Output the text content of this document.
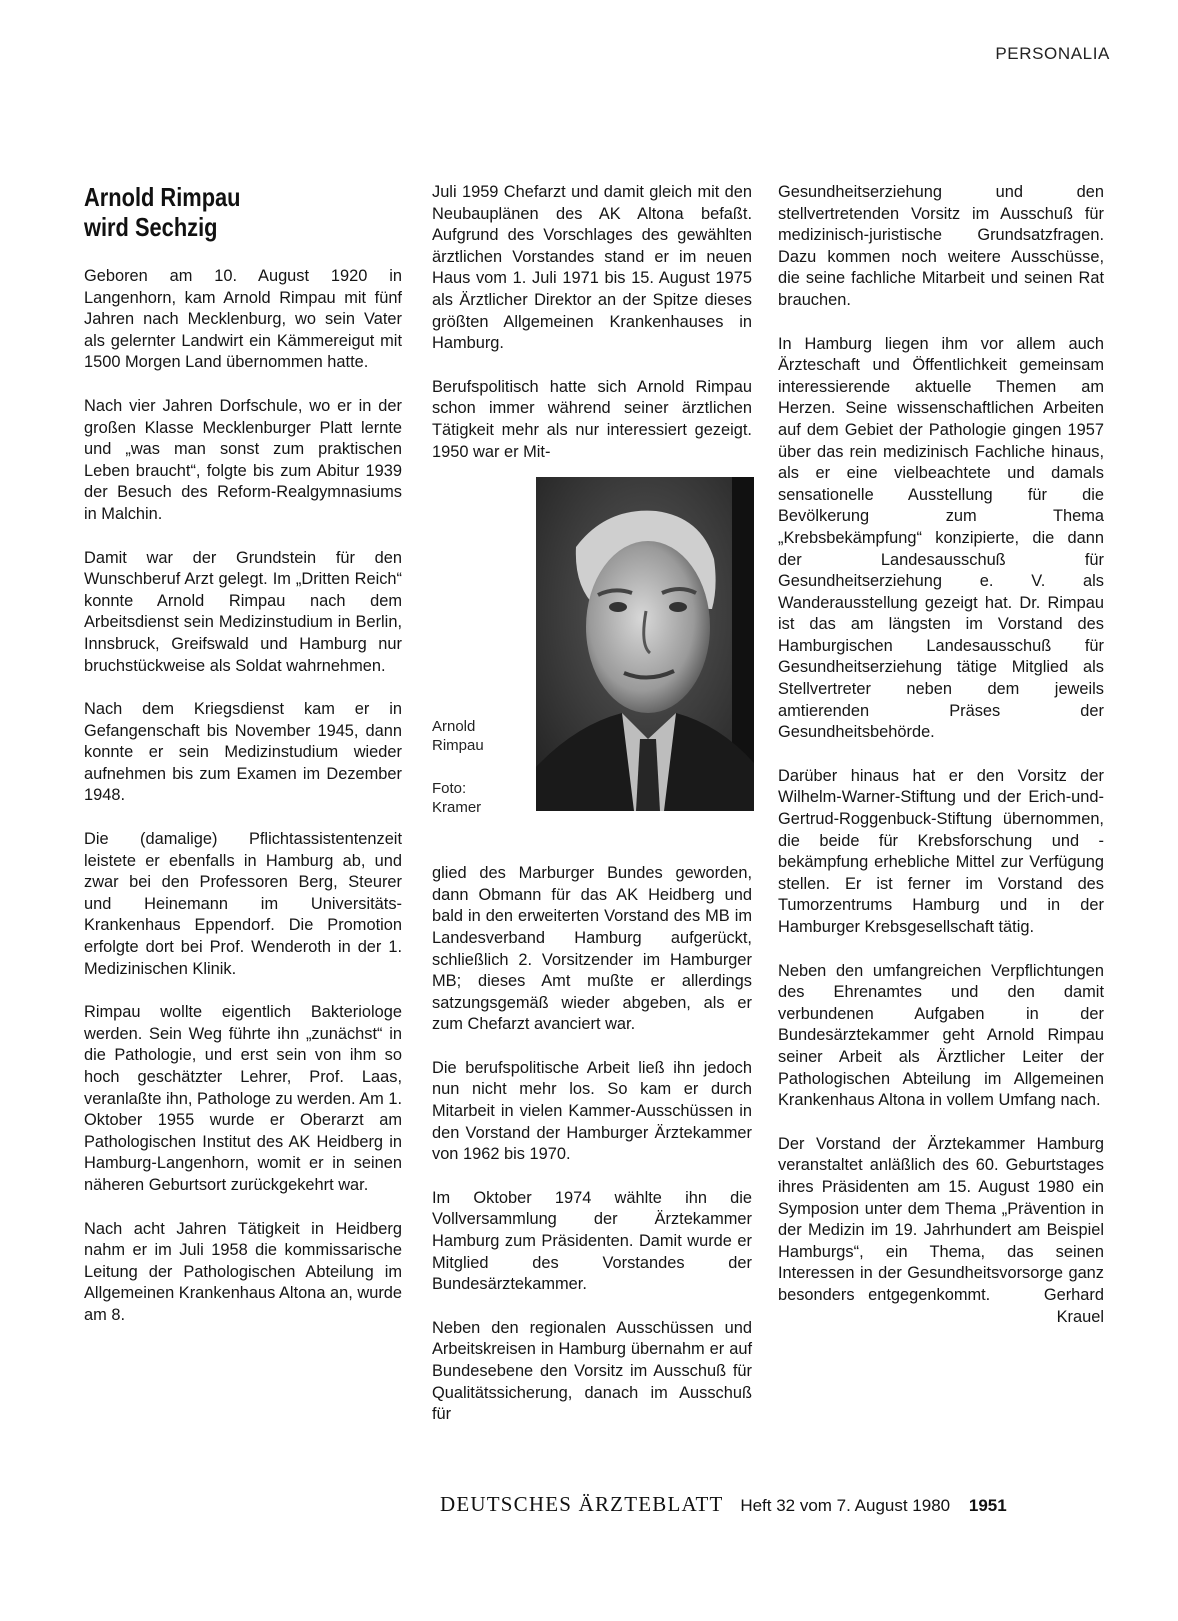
PERSONALIA
Arnold Rimpau
wird Sechzig

Geboren am 10. August 1920 in Langenhorn, kam Arnold Rimpau mit fünf Jahren nach Mecklenburg, wo sein Vater als gelernter Landwirt ein Kämmereigut mit 1500 Morgen Land übernommen hatte.

Nach vier Jahren Dorfschule, wo er in der großen Klasse Mecklenburger Platt lernte und „was man sonst zum praktischen Leben braucht“, folgte bis zum Abitur 1939 der Besuch des Reform-Realgymnasiums in Malchin.

Damit war der Grundstein für den Wunschberuf Arzt gelegt. Im „Dritten Reich“ konnte Arnold Rimpau nach dem Arbeitsdienst sein Medizinstudium in Berlin, Innsbruck, Greifswald und Hamburg nur bruchstückweise als Soldat wahrnehmen.

Nach dem Kriegsdienst kam er in Gefangenschaft bis November 1945, dann konnte er sein Medizinstudium wieder aufnehmen bis zum Examen im Dezember 1948.

Die (damalige) Pflichtassistentenzeit leistete er ebenfalls in Hamburg ab, und zwar bei den Professoren Berg, Steurer und Heinemann im Universitäts-Krankenhaus Eppendorf. Die Promotion erfolgte dort bei Prof. Wenderoth in der 1. Medizinischen Klinik.

Rimpau wollte eigentlich Bakteriologe werden. Sein Weg führte ihn „zunächst“ in die Pathologie, und erst sein von ihm so hoch geschätzter Lehrer, Prof. Laas, veranlaßte ihn, Pathologe zu werden. Am 1. Oktober 1955 wurde er Oberarzt am Pathologischen Institut des AK Heidberg in Hamburg-Langenhorn, womit er in seinen näheren Geburtsort zurückgekehrt war.

Nach acht Jahren Tätigkeit in Heidberg nahm er im Juli 1958 die kommissarische Leitung der Pathologischen Abteilung im Allgemeinen Krankenhaus Altona an, wurde am 8.

Juli 1959 Chefarzt und damit gleich mit den Neubauplänen des AK Altona befaßt. Aufgrund des Vorschlages des gewählten ärztlichen Vorstandes stand er im neuen Haus vom 1. Juli 1971 bis 15. August 1975 als Ärztlicher Direktor an der Spitze dieses größten Allgemeinen Krankenhauses in Hamburg.

Berufspolitisch hatte sich Arnold Rimpau schon immer während seiner ärztlichen Tätigkeit mehr als nur interessiert gezeigt. 1950 war er Mit-

Arnold
Rimpau
Foto:
Kramer

glied des Marburger Bundes geworden, dann Obmann für das AK Heidberg und bald in den erweiterten Vorstand des MB im Landesverband Hamburg aufgerückt, schließlich 2. Vorsitzender im Hamburger MB; dieses Amt mußte er allerdings satzungsgemäß wieder abgeben, als er zum Chefarzt avanciert war.

Die berufspolitische Arbeit ließ ihn jedoch nun nicht mehr los. So kam er durch Mitarbeit in vielen Kammer-Ausschüssen in den Vorstand der Hamburger Ärztekammer von 1962 bis 1970.

Im Oktober 1974 wählte ihn die Vollversammlung der Ärztekammer Hamburg zum Präsidenten. Damit wurde er Mitglied des Vorstandes der Bundesärztekammer.

Neben den regionalen Ausschüssen und Arbeitskreisen in Hamburg übernahm er auf Bundesebene den Vorsitz im Ausschuß für Qualitätssicherung, danach im Ausschuß für

Gesundheitserziehung und den stellvertretenden Vorsitz im Ausschuß für medizinisch-juristische Grundsatzfragen. Dazu kommen noch weitere Ausschüsse, die seine fachliche Mitarbeit und seinen Rat brauchen.

In Hamburg liegen ihm vor allem auch Ärzteschaft und Öffentlichkeit gemeinsam interessierende aktuelle Themen am Herzen. Seine wissenschaftlichen Arbeiten auf dem Gebiet der Pathologie gingen 1957 über das rein medizinisch Fachliche hinaus, als er eine vielbeachtete und damals sensationelle Ausstellung für die Bevölkerung zum Thema „Krebsbekämpfung“ konzipierte, die dann der Landesausschuß für Gesundheitserziehung e. V. als Wanderausstellung gezeigt hat. Dr. Rimpau ist das am längsten im Vorstand des Hamburgischen Landesausschuß für Gesundheitserziehung tätige Mitglied als Stellvertreter neben dem jeweils amtierenden Präses der Gesundheitsbehörde.

Darüber hinaus hat er den Vorsitz der Wilhelm-Warner-Stiftung und der Erich-und-Gertrud-Roggenbuck-Stiftung übernommen, die beide für Krebsforschung und -bekämpfung erhebliche Mittel zur Verfügung stellen. Er ist ferner im Vorstand des Tumorzentrums Hamburg und in der Hamburger Krebsgesellschaft tätig.

Neben den umfangreichen Verpflichtungen des Ehrenamtes und den damit verbundenen Aufgaben in der Bundesärztekammer geht Arnold Rimpau seiner Arbeit als Ärztlicher Leiter der Pathologischen Abteilung im Allgemeinen Krankenhaus Altona in vollem Umfang nach.

Der Vorstand der Ärztekammer Hamburg veranstaltet anläßlich des 60. Geburtstages ihres Präsidenten am 15. August 1980 ein Symposion unter dem Thema „Prävention in der Medizin im 19. Jahrhundert am Beispiel Hamburgs“, ein Thema, das seinen Interessen in der Gesundheitsvorsorge ganz besonders entgegenkommt.	Gerhard Krauel

DEUTSCHES ÄRZTEBLATT Heft 32 vom 7. August 1980 1951
